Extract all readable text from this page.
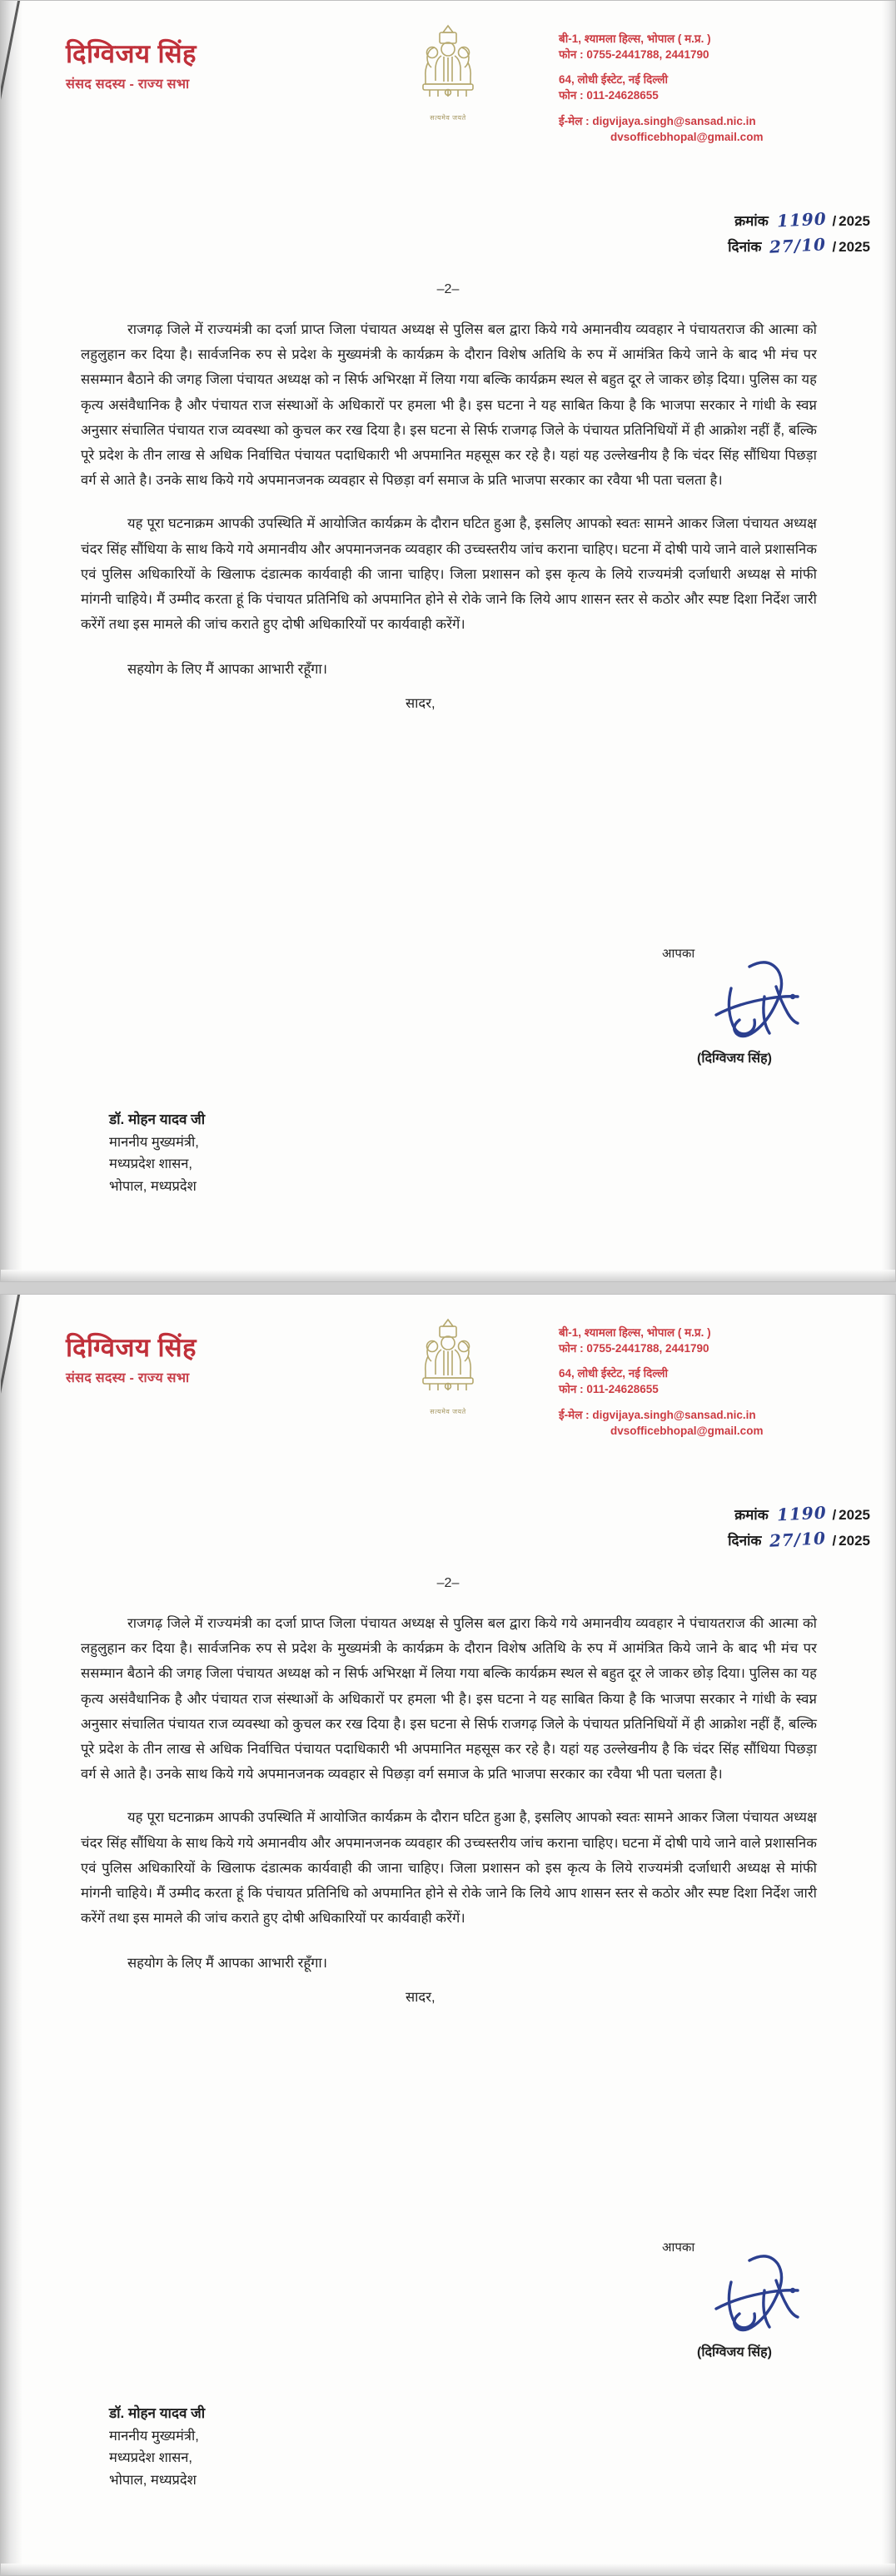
दिग्विजय सिंह
संसद सदस्य - राज्य सभा
सत्यमेव जयते
बी-1, श्यामला हिल्स, भोपाल ( म.प्र. )
फोन : 0755-2441788, 2441790
64, लोधी ईस्टेट, नई दिल्ली
फोन : 011-24628655
ई-मेल : digvijaya.singh@sansad.nic.in
dvsofficebhopal@gmail.com
क्रमांक 1190 / 2025
दिनांक 27/10 / 2025
–2–

राजगढ़ जिले में राज्यमंत्री का दर्जा प्राप्त जिला पंचायत अध्यक्ष से पुलिस बल द्वारा किये गये अमानवीय व्यवहार ने पंचायतराज की आत्मा को लहुलुहान कर दिया है। सार्वजनिक रुप से प्रदेश के मुख्यमंत्री के कार्यक्रम के दौरान विशेष अतिथि के रुप में आमंत्रित किये जाने के बाद भी मंच पर ससम्मान बैठाने की जगह जिला पंचायत अध्यक्ष को न सिर्फ अभिरक्षा में लिया गया बल्कि कार्यक्रम स्थल से बहुत दूर ले जाकर छोड़ दिया। पुलिस का यह कृत्य असंवैधानिक है और पंचायत राज संस्थाओं के अधिकारों पर हमला भी है। इस घटना ने यह साबित किया है कि भाजपा सरकार ने गांधी के स्वप्न अनुसार संचालित पंचायत राज व्यवस्था को कुचल कर रख दिया है। इस घटना से सिर्फ राजगढ़ जिले के पंचायत प्रतिनिधियों में ही आक्रोश नहीं हैं, बल्कि पूरे प्रदेश के तीन लाख से अधिक निर्वाचित पंचायत पदाधिकारी भी अपमानित महसूस कर रहे है। यहां यह उल्लेखनीय है कि चंदर सिंह सौंधिया पिछड़ा वर्ग से आते है। उनके साथ किये गये अपमानजनक व्यवहार से पिछड़ा वर्ग समाज के प्रति भाजपा सरकार का रवैया भी पता चलता है।

यह पूरा घटनाक्रम आपकी उपस्थिति में आयोजित कार्यक्रम के दौरान घटित हुआ है, इसलिए आपको स्वतः सामने आकर जिला पंचायत अध्यक्ष चंदर सिंह सौंधिया के साथ किये गये अमानवीय और अपमानजनक व्यवहार की उच्चस्तरीय जांच कराना चाहिए। घटना में दोषी पाये जाने वाले प्रशासनिक एवं पुलिस अधिकारियों के खिलाफ दंडात्मक कार्यवाही की जाना चाहिए। जिला प्रशासन को इस कृत्य के लिये राज्यमंत्री दर्जाधारी अध्यक्ष से मांफी मांगनी चाहिये। मैं उम्मीद करता हूं कि पंचायत प्रतिनिधि को अपमानित होने से रोके जाने कि लिये आप शासन स्तर से कठोर और स्पष्ट दिशा निर्देश जारी करेंगें तथा इस मामले की जांच कराते हुए दोषी अधिकारियों पर कार्यवाही करेंगें।

सहयोग के लिए मैं आपका आभारी रहूँगा।

सादर,

आपका
(दिग्विजय सिंह)
डॉ. मोहन यादव जी
माननीय मुख्यमंत्री,
मध्यप्रदेश शासन,
भोपाल, मध्यप्रदेश
दिग्विजय सिंह
संसद सदस्य - राज्य सभा
सत्यमेव जयते
बी-1, श्यामला हिल्स, भोपाल ( म.प्र. )
फोन : 0755-2441788, 2441790
64, लोधी ईस्टेट, नई दिल्ली
फोन : 011-24628655
ई-मेल : digvijaya.singh@sansad.nic.in
dvsofficebhopal@gmail.com
क्रमांक 1190 / 2025
दिनांक 27/10 / 2025
–2–

राजगढ़ जिले में राज्यमंत्री का दर्जा प्राप्त जिला पंचायत अध्यक्ष से पुलिस बल द्वारा किये गये अमानवीय व्यवहार ने पंचायतराज की आत्मा को लहुलुहान कर दिया है। सार्वजनिक रुप से प्रदेश के मुख्यमंत्री के कार्यक्रम के दौरान विशेष अतिथि के रुप में आमंत्रित किये जाने के बाद भी मंच पर ससम्मान बैठाने की जगह जिला पंचायत अध्यक्ष को न सिर्फ अभिरक्षा में लिया गया बल्कि कार्यक्रम स्थल से बहुत दूर ले जाकर छोड़ दिया। पुलिस का यह कृत्य असंवैधानिक है और पंचायत राज संस्थाओं के अधिकारों पर हमला भी है। इस घटना ने यह साबित किया है कि भाजपा सरकार ने गांधी के स्वप्न अनुसार संचालित पंचायत राज व्यवस्था को कुचल कर रख दिया है। इस घटना से सिर्फ राजगढ़ जिले के पंचायत प्रतिनिधियों में ही आक्रोश नहीं हैं, बल्कि पूरे प्रदेश के तीन लाख से अधिक निर्वाचित पंचायत पदाधिकारी भी अपमानित महसूस कर रहे है। यहां यह उल्लेखनीय है कि चंदर सिंह सौंधिया पिछड़ा वर्ग से आते है। उनके साथ किये गये अपमानजनक व्यवहार से पिछड़ा वर्ग समाज के प्रति भाजपा सरकार का रवैया भी पता चलता है।

यह पूरा घटनाक्रम आपकी उपस्थिति में आयोजित कार्यक्रम के दौरान घटित हुआ है, इसलिए आपको स्वतः सामने आकर जिला पंचायत अध्यक्ष चंदर सिंह सौंधिया के साथ किये गये अमानवीय और अपमानजनक व्यवहार की उच्चस्तरीय जांच कराना चाहिए। घटना में दोषी पाये जाने वाले प्रशासनिक एवं पुलिस अधिकारियों के खिलाफ दंडात्मक कार्यवाही की जाना चाहिए। जिला प्रशासन को इस कृत्य के लिये राज्यमंत्री दर्जाधारी अध्यक्ष से मांफी मांगनी चाहिये। मैं उम्मीद करता हूं कि पंचायत प्रतिनिधि को अपमानित होने से रोके जाने कि लिये आप शासन स्तर से कठोर और स्पष्ट दिशा निर्देश जारी करेंगें तथा इस मामले की जांच कराते हुए दोषी अधिकारियों पर कार्यवाही करेंगें।

सहयोग के लिए मैं आपका आभारी रहूँगा।

सादर,

आपका
(दिग्विजय सिंह)
डॉ. मोहन यादव जी
माननीय मुख्यमंत्री,
मध्यप्रदेश शासन,
भोपाल, मध्यप्रदेश
